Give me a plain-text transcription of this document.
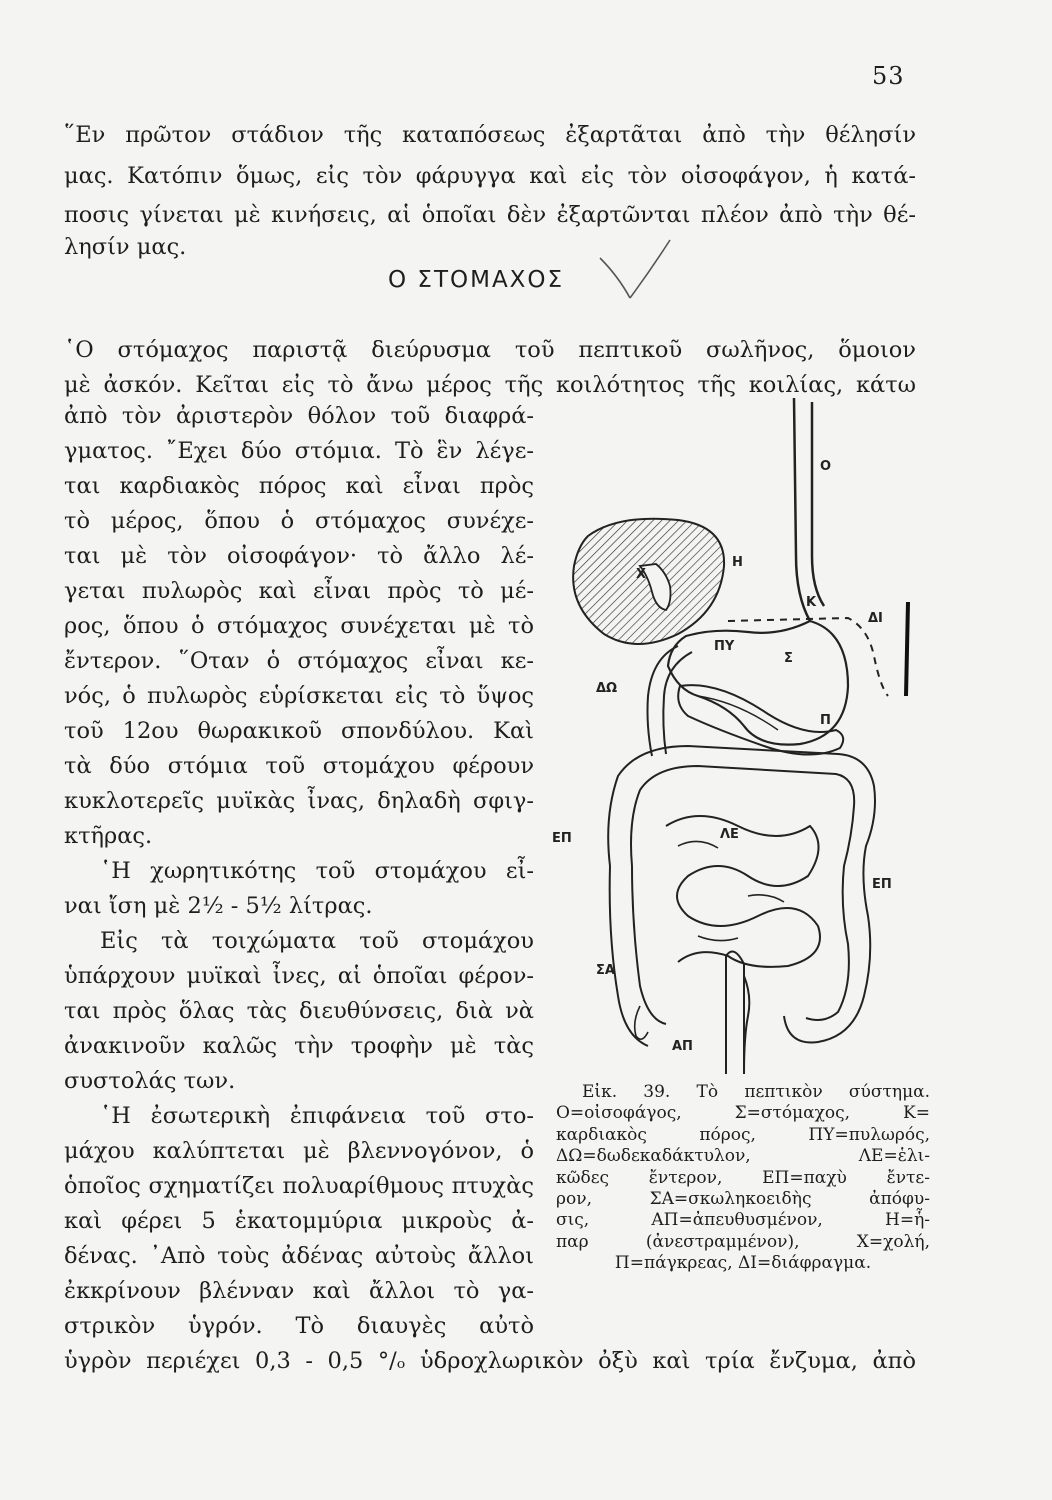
53
῞Εν πρῶτον στάδιον τῆς καταπόσεως ἐξαρτᾶται ἀπὸ τὴν θέλησίν
μας. Κατόπιν ὅμως, εἰς τὸν φάρυγγα καὶ εἰς τὸν οἰσοφάγον, ἡ κατά-
ποσις γίνεται μὲ κινήσεις, αἱ ὁποῖαι δὲν ἐξαρτῶνται πλέον ἀπὸ τὴν θέ-
λησίν μας.
Ο ΣΤΟΜΑΧΟΣ
῾Ο στόμαχος παριστᾷ διεύρυσμα τοῦ πεπτικοῦ σωλῆνος, ὅμοιον
μὲ ἀσκόν. Κεῖται εἰς τὸ ἄνω μέρος τῆς κοιλότητος τῆς κοιλίας, κάτω
ἀπὸ τὸν ἀριστερὸν θόλον τοῦ διαφρά-
γματος. ῎Εχει δύο στόμια. Τὸ ἓν λέγε-
ται καρδιακὸς πόρος καὶ εἶναι πρὸς
τὸ μέρος, ὅπου ὁ στόμαχος συνέχε-
ται μὲ τὸν οἰσοφάγον· τὸ ἄλλο λέ-
γεται πυλωρὸς καὶ εἶναι πρὸς τὸ μέ-
ρος, ὅπου ὁ στόμαχος συνέχεται μὲ τὸ
ἔντερον. ῞Οταν ὁ στόμαχος εἶναι κε-
νός, ὁ πυλωρὸς εὑρίσκεται εἰς τὸ ὕψος
τοῦ 12ου θωρακικοῦ σπονδύλου. Καὶ
τὰ δύο στόμια τοῦ στομάχου φέρουν
κυκλοτερεῖς μυϊκὰς ἶνας, δηλαδὴ σφιγ-
κτῆρας.
῾Η χωρητικότης τοῦ στομάχου εἶ-
ναι ἴση μὲ 2½ - 5½ λίτρας.
Εἰς τὰ τοιχώματα τοῦ στομάχου
ὑπάρχουν μυϊκαὶ ἶνες, αἱ ὁποῖαι φέρον-
ται πρὸς ὅλας τὰς διευθύνσεις, διὰ νὰ
ἀνακινοῦν καλῶς τὴν τροφὴν μὲ τὰς
συστολάς των.
῾Η ἐσωτερικὴ ἐπιφάνεια τοῦ στο-
μάχου καλύπτεται μὲ βλεννογόνον, ὁ
ὁποῖος σχηματίζει πολυαρίθμους πτυχὰς
καὶ φέρει 5 ἑκατομμύρια μικροὺς ἀ-
δένας. ᾿Απὸ τοὺς ἀδένας αὐτοὺς ἄλλοι
ἐκκρίνουν βλένναν καὶ ἄλλοι τὸ γα-
στρικὸν ὑγρόν. Τὸ διαυγὲς αὐτὸ
ὑγρὸν περιέχει 0,3 - 0,5 °/ₒ ὑδροχλωρικὸν ὀξὺ καὶ τρία ἔνζυμα, ἀπὸ
Ο
Η
Χ
Κ
ΔΙ
ΠΥ
Σ
ΔΩ
Π
ΛΕ
ΕΠ
ΕΠ
ΣΑ
ΑΠ
Εἰκ. 39. Τὸ πεπτικὸν σύστημα.
Ο=οἰσοφάγος, Σ=στόμαχος, Κ=
καρδιακὸς πόρος, ΠΥ=πυλωρός,
ΔΩ=δωδεκαδάκτυλον, ΛΕ=ἑλι-
κῶδες ἔντερον, ΕΠ=παχὺ ἔντε-
ρον, ΣΑ=σκωληκοειδὴς ἀπόφυ-
σις, ΑΠ=ἀπευθυσμένον, Η=ἧ-
παρ (ἀνεστραμμένον), Χ=χολή,
Π=πάγκρεας, ΔΙ=διάφραγμα.
